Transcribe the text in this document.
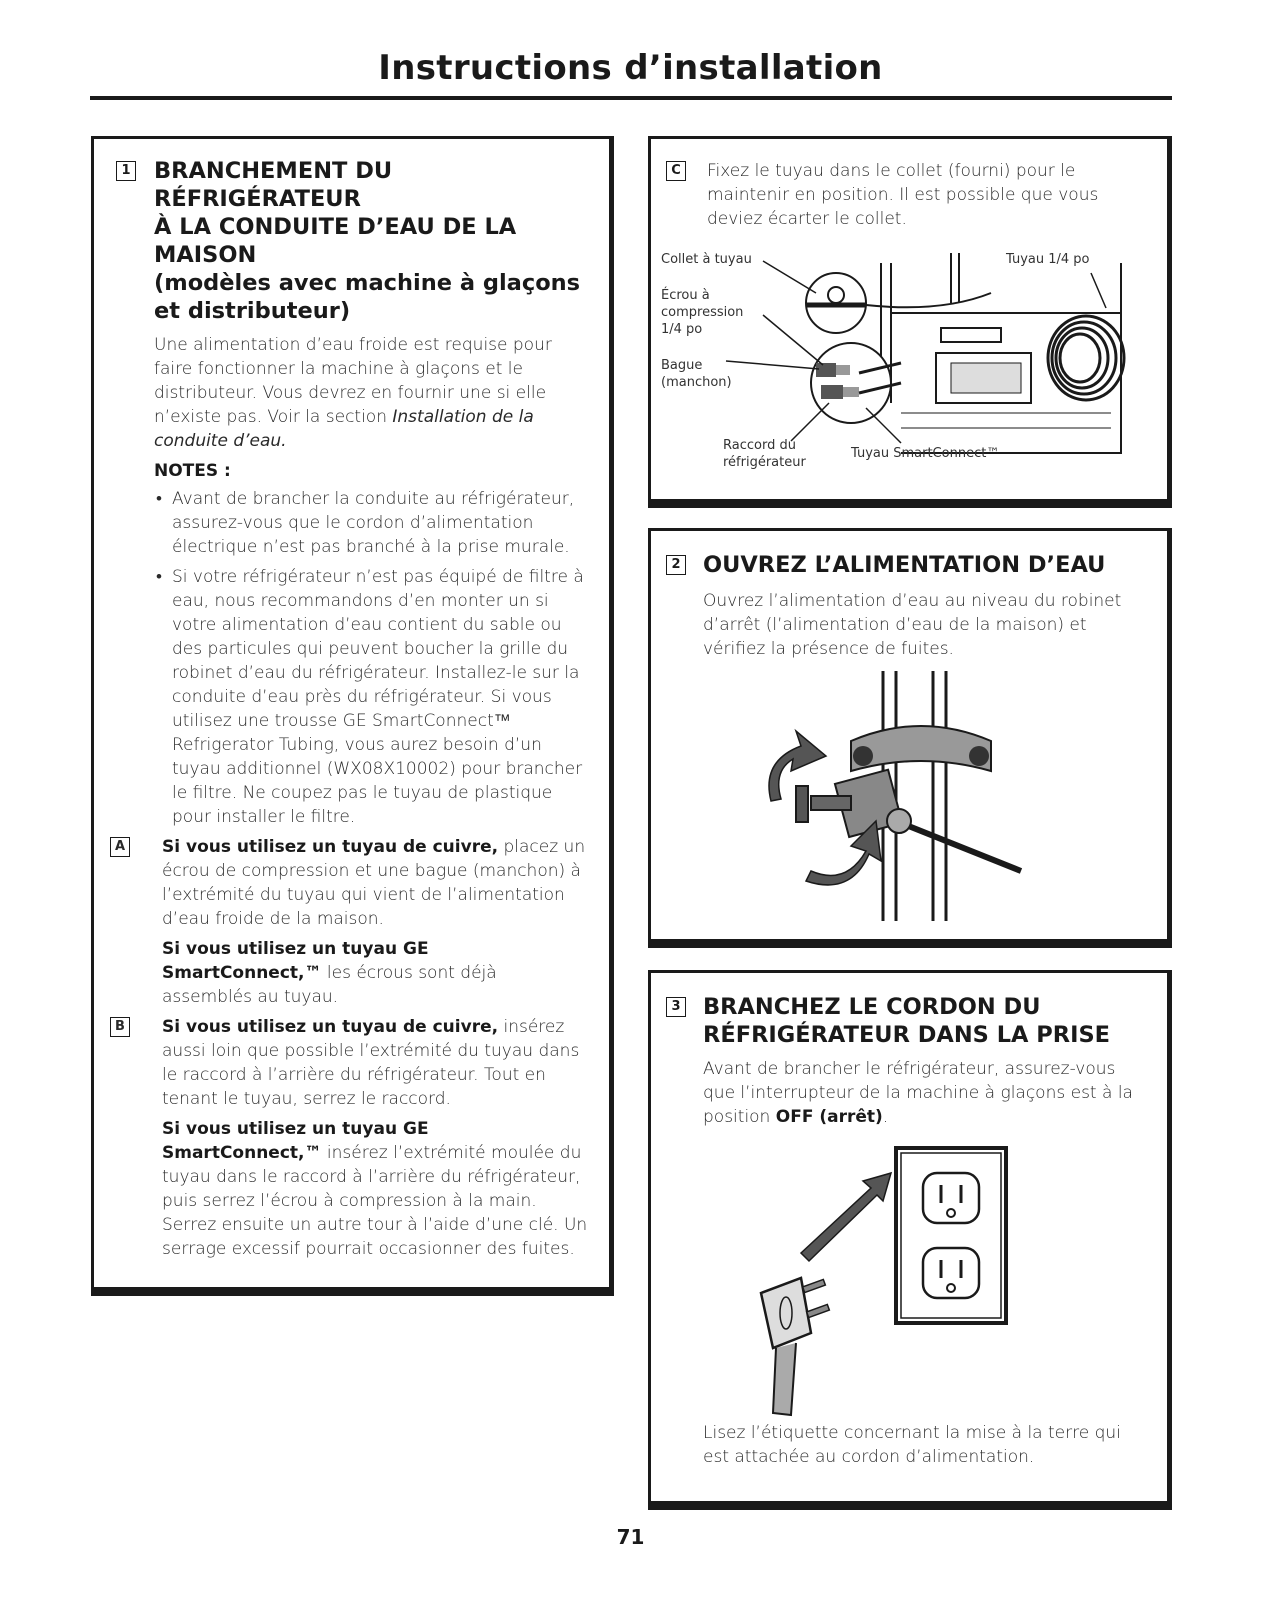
Instructions d’installation
1 BRANCHEMENT DU RÉFRIGÉRATEUR
À LA CONDUITE D’EAU DE LA MAISON
(modèles avec machine à glaçons
et distributeur)

Une alimentation d’eau froide est requise pour faire fonctionner la machine à glaçons et le distributeur. Vous devrez en fournir une si elle n’existe pas. Voir la section Installation de la conduite d’eau.

NOTES :

• Avant de brancher la conduite au réfrigérateur, assurez-vous que le cordon d’alimentation électrique n’est pas branché à la prise murale.
• Si votre réfrigérateur n’est pas équipé de filtre à eau, nous recommandons d’en monter un si votre alimentation d’eau contient du sable ou des particules qui peuvent boucher la grille du robinet d’eau du réfrigérateur. Installez-le sur la conduite d’eau près du réfrigérateur. Si vous utilisez une trousse GE SmartConnect™ Refrigerator Tubing, vous aurez besoin d’un tuyau additionnel (WX08X10002) pour brancher le filtre. Ne coupez pas le tuyau de plastique pour installer le filtre.
A Si vous utilisez un tuyau de cuivre, placez un écrou de compression et une bague (manchon) à l’extrémité du tuyau qui vient de l’alimentation d’eau froide de la maison.

Si vous utilisez un tuyau GE SmartConnect,™ les écrous sont déjà assemblés au tuyau.

B Si vous utilisez un tuyau de cuivre, insérez aussi loin que possible l’extrémité du tuyau dans le raccord à l’arrière du réfrigérateur. Tout en tenant le tuyau, serrez le raccord.

Si vous utilisez un tuyau GE SmartConnect,™ insérez l’extrémité moulée du tuyau dans le raccord à l’arrière du réfrigérateur, puis serrez l’écrou à compression à la main. Serrez ensuite un autre tour à l’aide d’une clé. Un serrage excessif pourrait occasionner des fuites.

C	Fixez le tuyau dans le collet (fourni) pour le maintenir en position. Il est possible que vous deviez écarter le collet.

Collet à tuyau
Écrou à
compression
1/4 po
Bague
(manchon)
Tuyau 1/4 po
Raccord du
réfrigérateur
Tuyau SmartConnect™
2 OUVREZ L’ALIMENTATION D’EAU

Ouvrez l’alimentation d’eau au niveau du robinet d’arrêt (l’alimentation d’eau de la maison) et vérifiez la présence de fuites.

3 BRANCHEZ LE CORDON DU
RÉFRIGÉRATEUR DANS LA PRISE

Avant de brancher le réfrigérateur, assurez-vous que l’interrupteur de la machine à glaçons est à la position OFF (arrêt).

Lisez l’étiquette concernant la mise à la terre qui est attachée au cordon d’alimentation.

71
